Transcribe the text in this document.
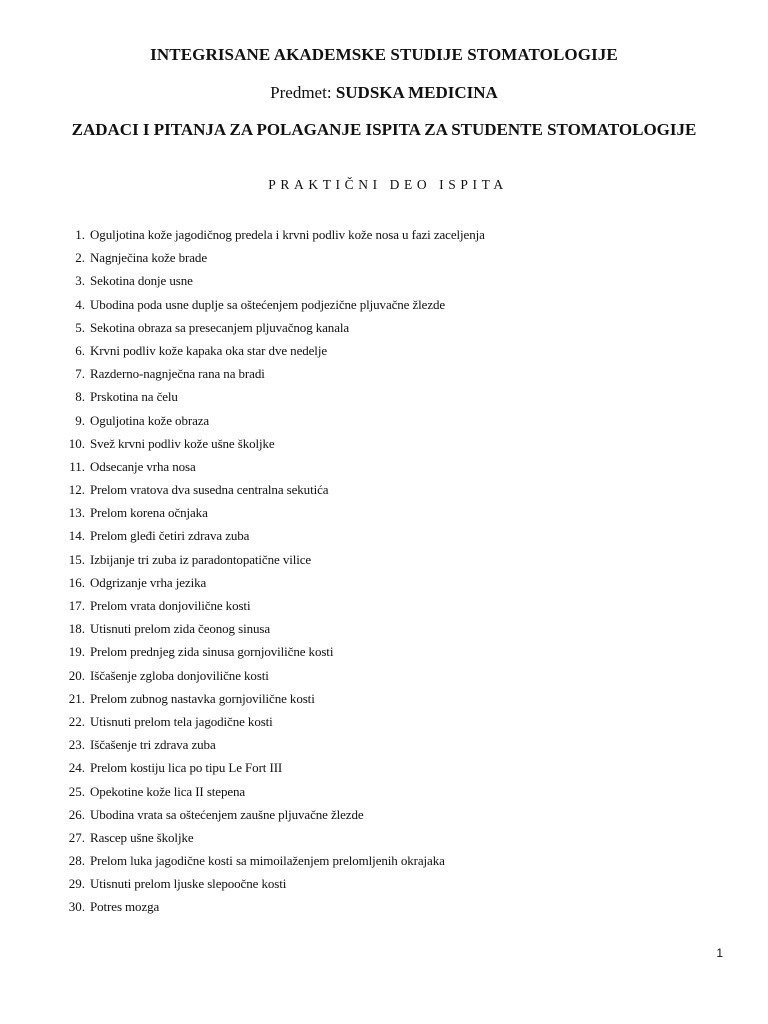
INTEGRISANE AKADEMSKE STUDIJE STOMATOLOGIJE
Predmet: SUDSKA MEDICINA
ZADACI I PITANJA ZA POLAGANJE ISPITA ZA STUDENTE STOMATOLOGIJE
PRAKTIČNI DEO ISPITA
1. Oguljotina kože jagodičnog predela i krvni podliv kože nosa u fazi zaceljenja
2. Nagnječina kože brade
3. Sekotina donje usne
4. Ubodina poda usne duplje sa oštećenjem podjezične pljuvačne žlezde
5. Sekotina obraza sa presecanjem pljuvačnog kanala
6. Krvni podliv kože kapaka oka star dve nedelje
7. Razderno-nagnječna rana na bradi
8. Prskotina na čelu
9. Oguljotina kože obraza
10. Svež krvni podliv kože ušne školjke
11. Odsecanje vrha nosa
12. Prelom vratova dva susedna centralna sekutića
13. Prelom korena očnjaka
14. Prelom gleđi četiri zdrava zuba
15. Izbijanje tri zuba iz paradontopatične vilice
16. Odgrizanje vrha jezika
17. Prelom vrata donjovilične kosti
18. Utisnuti prelom zida čeonog sinusa
19. Prelom prednjeg zida sinusa gornjovilične kosti
20. Iščašenje zgloba donjovilične kosti
21. Prelom zubnog nastavka gornjovilične kosti
22. Utisnuti prelom tela jagodične kosti
23. Iščašenje tri zdrava zuba
24. Prelom kostiju lica po tipu Le Fort III
25. Opekotine kože lica II stepena
26. Ubodina vrata sa oštećenjem zaušne pljuvačne žlezde
27. Rascep ušne školjke
28. Prelom luka jagodične kosti sa mimoilaženjem prelomljenih okrajaka
29. Utisnuti prelom ljuske slepoočne kosti
30. Potres mozga
1
